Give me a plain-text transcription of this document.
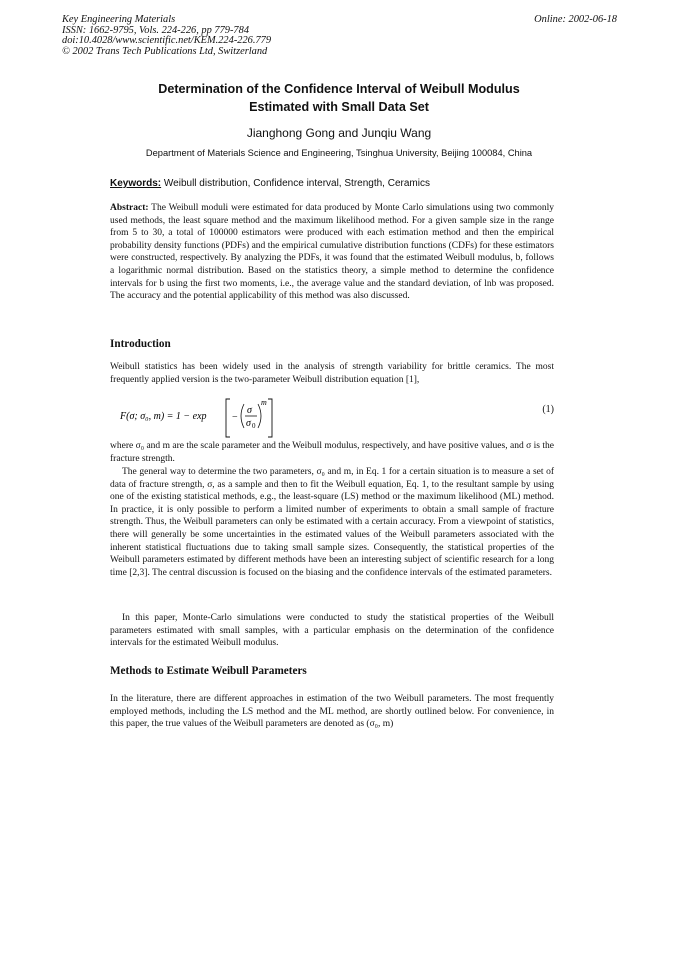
Key Engineering Materials
ISSN: 1662-9795, Vols. 224-226, pp 779-784
doi:10.4028/www.scientific.net/KEM.224-226.779
© 2002 Trans Tech Publications Ltd, Switzerland
Online: 2002-06-18
Determination of the Confidence Interval of Weibull Modulus
Estimated with Small Data Set
Jianghong Gong and Junqiu Wang
Department of Materials Science and Engineering, Tsinghua University, Beijing 100084, China
Keywords: Weibull distribution, Confidence interval, Strength, Ceramics
Abstract: The Weibull moduli were estimated for data produced by Monte Carlo simulations using two commonly used methods, the least square method and the maximum likelihood method. For a given sample size in the range from 5 to 30, a total of 100000 estimators were produced with each estimation method and then the empirical probability density functions (PDFs) and the empirical cumulative distribution functions (CDFs) for these estimators were constructed, respectively. By analyzing the PDFs, it was found that the estimated Weibull modulus, b, follows a logarithmic normal distribution. Based on the statistics theory, a simple method to determine the confidence intervals for b using the first two moments, i.e., the average value and the standard deviation, of lnb was proposed. The accuracy and the potential applicability of this method was also discussed.
Introduction
Weibull statistics has been widely used in the analysis of strength variability for brittle ceramics. The most frequently applied version is the two-parameter Weibull distribution equation [1],
F(σ; σ₀, m) = 1 − exp	−
σ
σ 0
m
(1)
where σ₀ and m are the scale parameter and the Weibull modulus, respectively, and have positive values, and σ is the fracture strength.
The general way to determine the two parameters, σ₀ and m, in Eq. 1 for a certain situation is to measure a set of data of fracture strength, σ, as a sample and then to fit the Weibull equation, Eq. 1, to the resultant sample by using one of the existing statistical methods, e.g., the least-square (LS) method or the maximum likelihood (ML) method. In practice, it is only possible to perform a limited number of experiments to obtain a small sample of fracture strength. Thus, the Weibull parameters can only be estimated with a certain accuracy. From a viewpoint of statistics, there will generally be some uncertainties in the estimated values of the Weibull parameters associated with the inherent statistical fluctuations due to taking small sample sizes. Consequently, the statistical properties of the Weibull parameters estimated by different methods have been an interesting subject of scientific research for a long time [2,3]. The central discussion is focused on the biasing and the confidence intervals of the estimated parameters.
In this paper, Monte-Carlo simulations were conducted to study the statistical properties of the Weibull parameters estimated with small samples, with a particular emphasis on the determination of the confidence intervals for the estimated Weibull modulus.
Methods to Estimate Weibull Parameters
In the literature, there are different approaches in estimation of the two Weibull parameters. The most frequently employed methods, including the LS method and the ML method, are shortly outlined below. For convenience, in this paper, the true values of the Weibull parameters are denoted as (σ₀, m)
